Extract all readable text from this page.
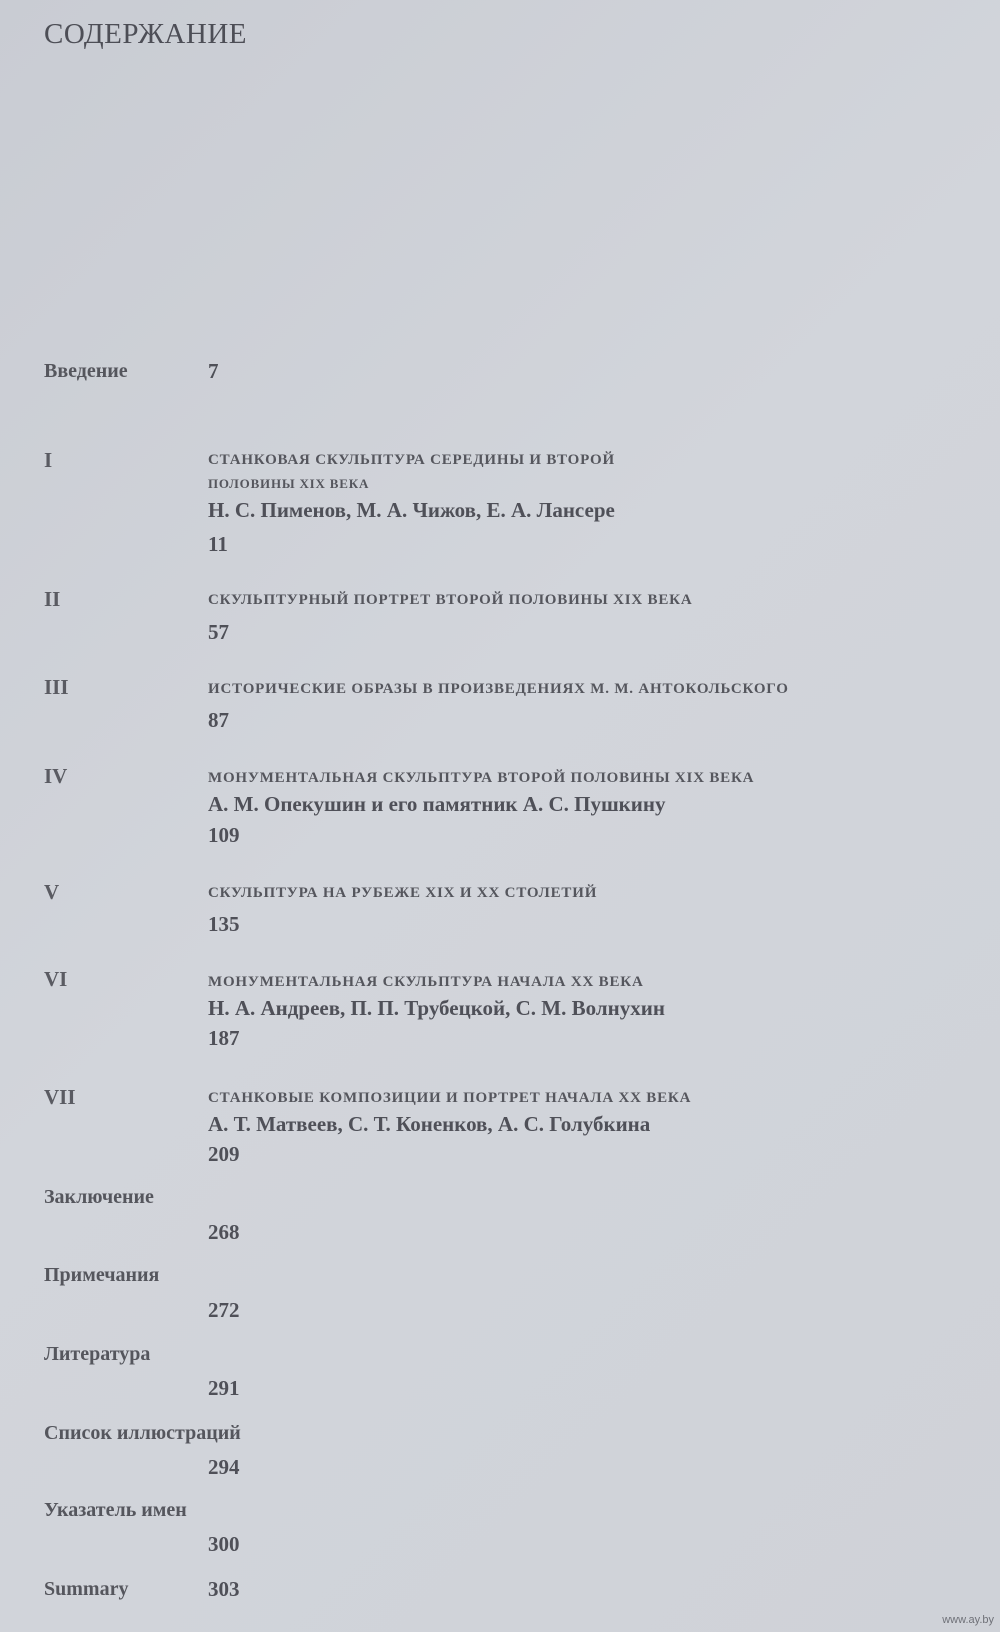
СОДЕРЖАНИЕ
Введение	7
I	СТАНКОВАЯ СКУЛЬПТУРА СЕРЕДИНЫ И ВТОРОЙ
ПОЛОВИНЫ XIX ВЕКА
Н. С. Пименов, М. А. Чижов, Е. А. Лансере
11
II	СКУЛЬПТУРНЫЙ ПОРТРЕТ ВТОРОЙ ПОЛОВИНЫ XIX ВЕКА
57
III	ИСТОРИЧЕСКИЕ ОБРАЗЫ В ПРОИЗВЕДЕНИЯХ М. М. АНТОКОЛЬСКОГО
87
IV	МОНУМЕНТАЛЬНАЯ СКУЛЬПТУРА ВТОРОЙ ПОЛОВИНЫ XIX ВЕКА
А. М. Опекушин и его памятник А. С. Пушкину
109
V	СКУЛЬПТУРА НА РУБЕЖЕ XIX И XX СТОЛЕТИЙ
135
VI	МОНУМЕНТАЛЬНАЯ СКУЛЬПТУРА НАЧАЛА XX ВЕКА
Н. А. Андреев, П. П. Трубецкой, С. М. Волнухин
187
VII	СТАНКОВЫЕ КОМПОЗИЦИИ И ПОРТРЕТ НАЧАЛА XX ВЕКА
А. Т. Матвеев, С. Т. Коненков, А. С. Голубкина
209
Заключение
268
Примечания
272
Литература
291
Список иллюстраций
294
Указатель имен
300
Summary	303
www.ay.by
